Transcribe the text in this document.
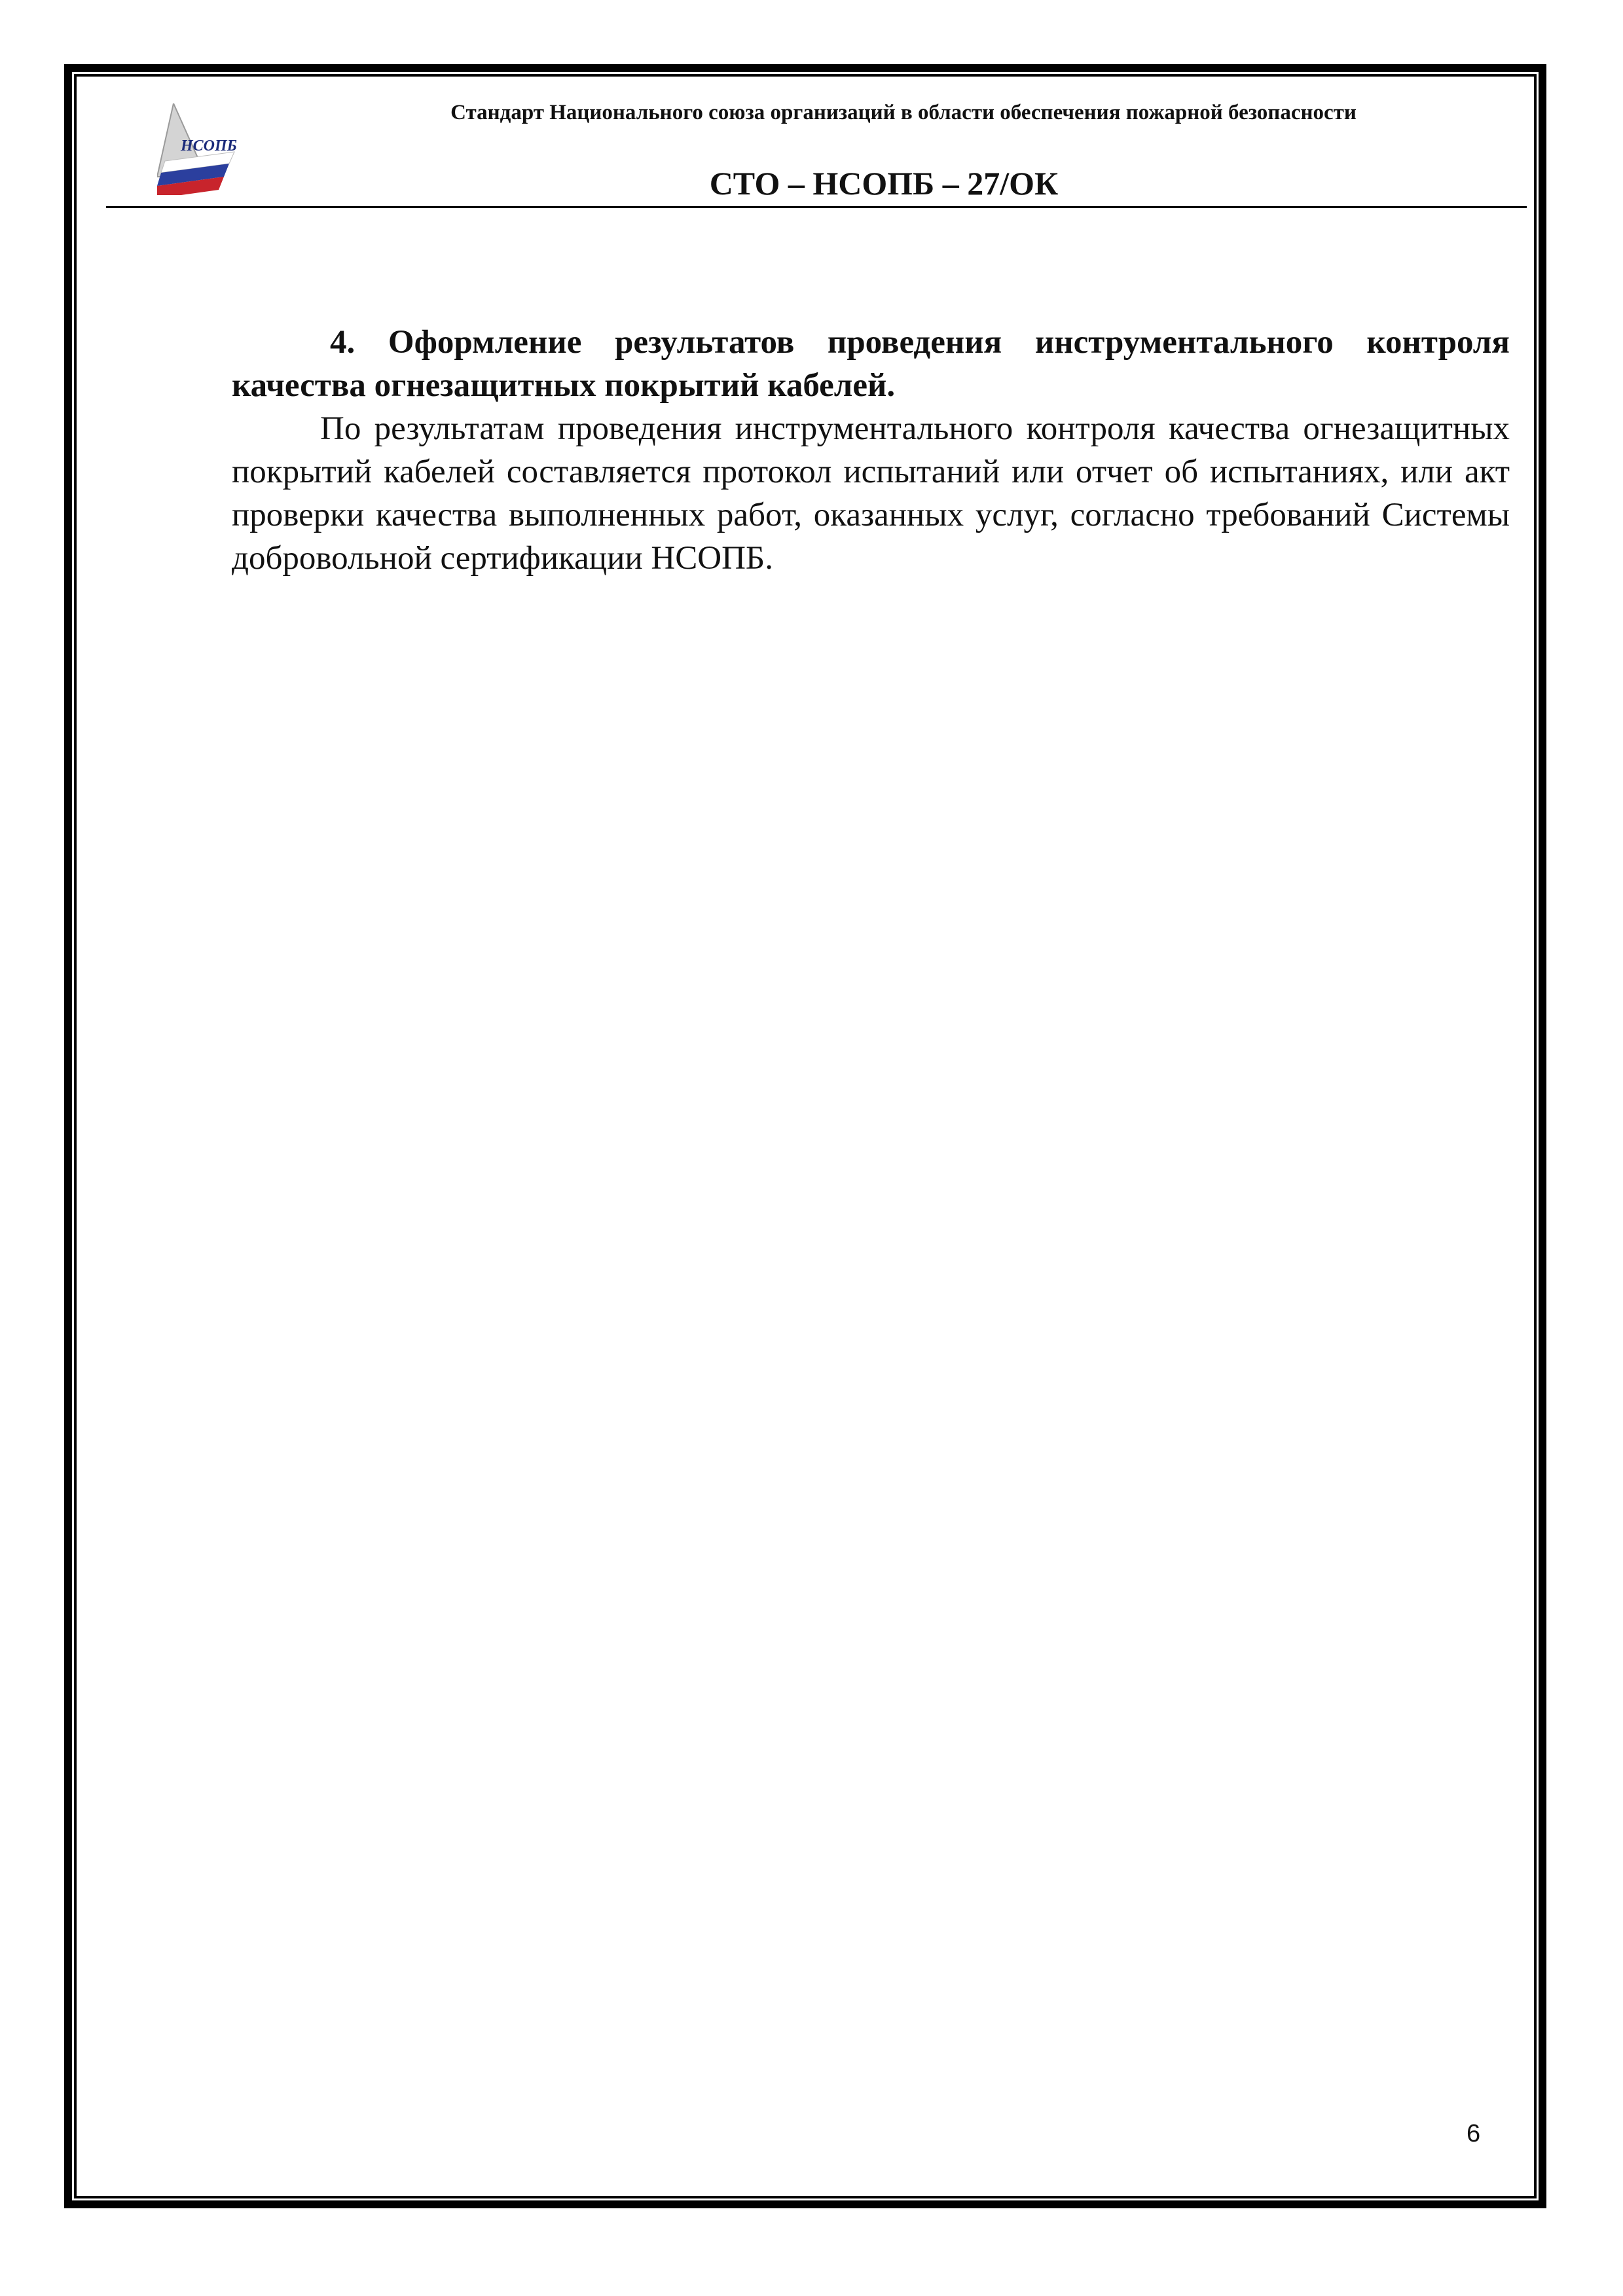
НСОПБ
Стандарт Национального союза организаций в области обеспечения пожарной безопасности
СТО – НСОПБ – 27/ОК

4. Оформление результатов проведения инструментального контроля качества огнезащитных покрытий кабелей.

По результатам проведения инструментального контроля качества огнезащитных покрытий кабелей составляется протокол испытаний или отчет об испытаниях, или акт проверки качества выполненных работ, оказанных услуг, согласно требований Системы добровольной сертификации НСОПБ.

6
